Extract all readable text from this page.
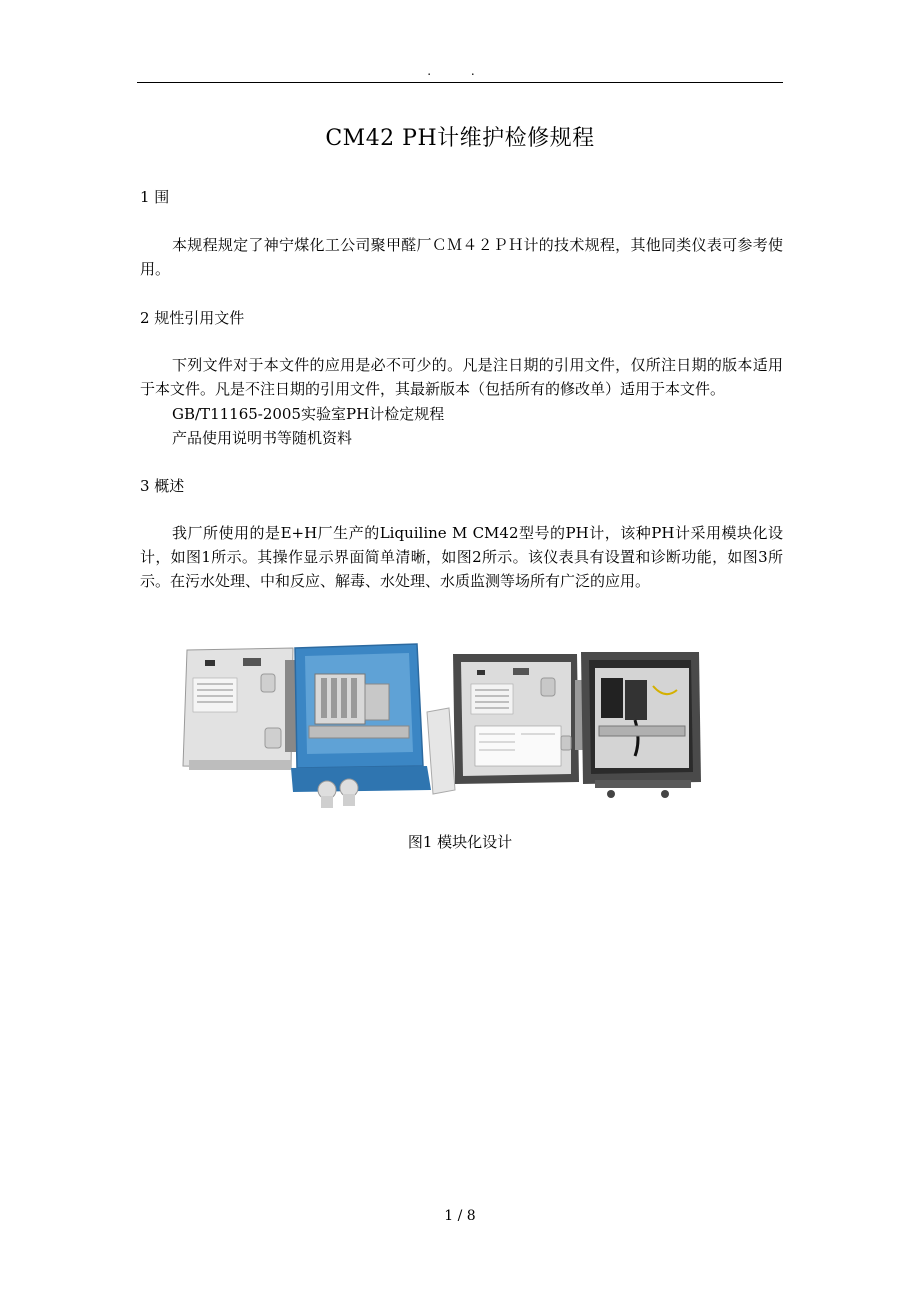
. .
CM42 PH计维护检修规程
1 围

本规程规定了神宁煤化工公司聚甲醛厂ＣＭ４２ＰＨ计的技术规程，其他同类仪表可参考使用。

2 规性引用文件

下列文件对于本文件的应用是必不可少的。凡是注日期的引用文件，仅所注日期的版本适用于本文件。凡是不注日期的引用文件，其最新版本（包括所有的修改单）适用于本文件。

GB/T11165-2005实验室PH计检定规程
产品使用说明书等随机资料
3 概述

我厂所使用的是E+H厂生产的Liquiline M CM42型号的PH计，该种PH计采用模块化设计，如图1所示。其操作显示界面简单清晰，如图2所示。该仪表具有设置和诊断功能，如图3所示。在污水处理、中和反应、解毒、水处理、水质监测等场所有广泛的应用。

图1 模块化设计
1 / 8
